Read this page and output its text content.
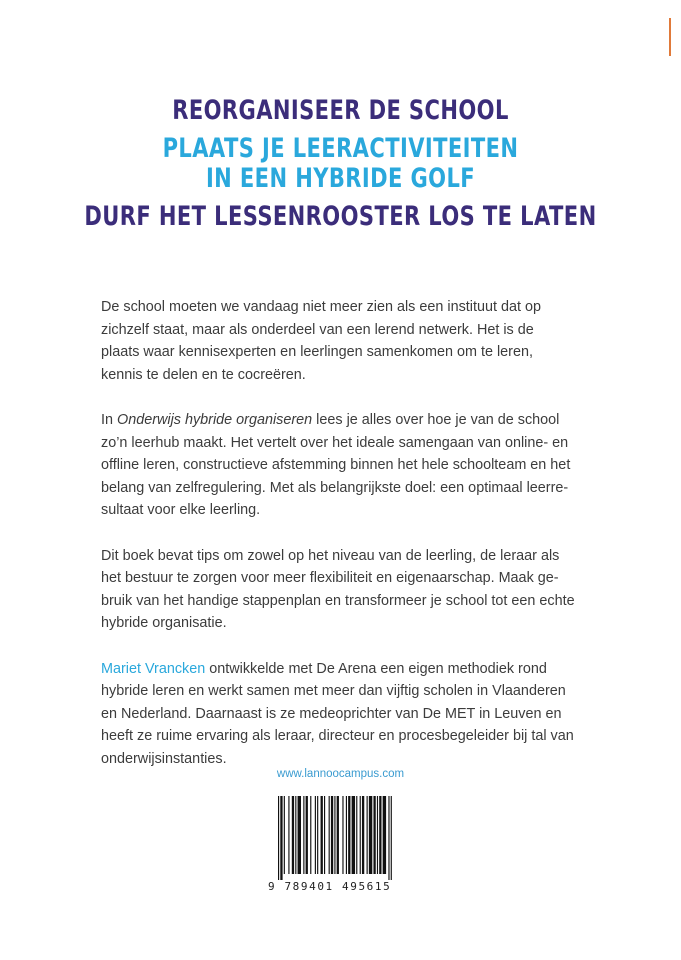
REORGANISEER DE SCHOOL
PLAATS JE LEERACTIVITEITEN
IN EEN HYBRIDE GOLF
DURF HET LESSENROOSTER LOS TE LATEN

De school moeten we vandaag niet meer zien als een instituut dat op zichzelf staat, maar als onderdeel van een lerend netwerk. Het is de plaats waar kennisexperten en leerlingen samenkomen om te leren, kennis te delen en te cocreëren.

In Onderwijs hybride organiseren lees je alles over hoe je van de school zo’n leerhub maakt. Het vertelt over het ideale samengaan van online- en offline leren, constructieve afstemming binnen het hele schoolteam en het belang van zelfregulering. Met als belangrijkste doel: een optimaal leerresultaat voor elke leerling.

Dit boek bevat tips om zowel op het niveau van de leerling, de leraar als het bestuur te zorgen voor meer flexibiliteit en eigenaarschap. Maak gebruik van het handige stappenplan en transformeer je school tot een echte hybride organisatie.

Mariet Vrancken ontwikkelde met De Arena een eigen methodiek rond hybride leren en werkt samen met meer dan vijftig scholen in Vlaanderen en Nederland. Daarnaast is ze medeoprichter van De MET in Leuven en heeft ze ruime ervaring als leraar, directeur en procesbegeleider bij tal van onderwijsinstanties.

www.lannoocampus.com
9 789401 495615
